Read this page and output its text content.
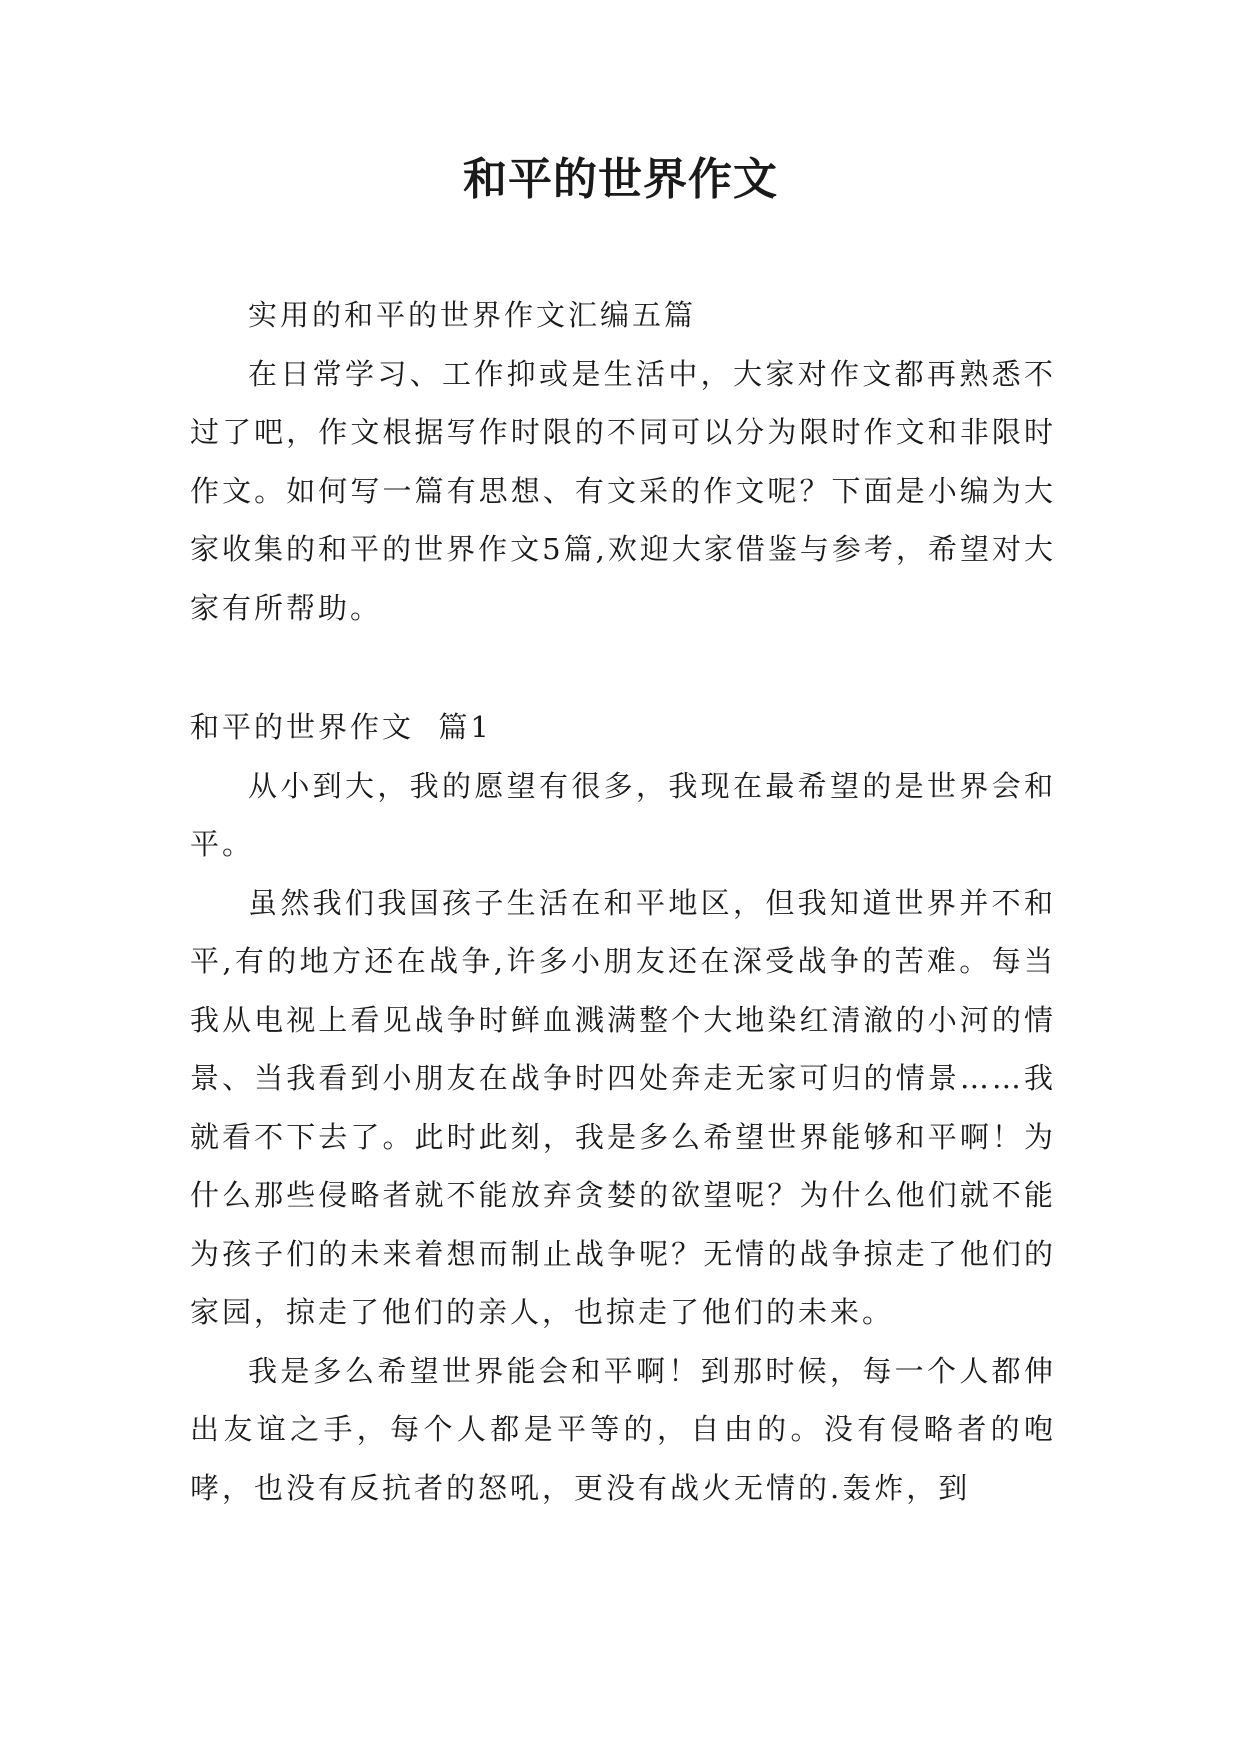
和平的世界作文

实用的和平的世界作文汇编五篇

在日常学习、工作抑或是生活中，大家对作文都再熟悉不过了吧，作文根据写作时限的不同可以分为限时作文和非限时作文。如何写一篇有思想、有文采的作文呢？下面是小编为大家收集的和平的世界作文5篇,欢迎大家借鉴与参考，希望对大家有所帮助。

和平的世界作文  篇1

从小到大，我的愿望有很多，我现在最希望的是世界会和平。

虽然我们我国孩子生活在和平地区，但我知道世界并不和平,有的地方还在战争,许多小朋友还在深受战争的苦难。每当我从电视上看见战争时鲜血溅满整个大地染红清澈的小河的情景、当我看到小朋友在战争时四处奔走无家可归的情景……我就看不下去了。此时此刻，我是多么希望世界能够和平啊！为什么那些侵略者就不能放弃贪婪的欲望呢？为什么他们就不能为孩子们的未来着想而制止战争呢？无情的战争掠走了他们的家园，掠走了他们的亲人，也掠走了他们的未来。

我是多么希望世界能会和平啊！到那时候，每一个人都伸出友谊之手，每个人都是平等的，自由的。没有侵略者的咆哮，也没有反抗者的怒吼，更没有战火无情的.轰炸，到
